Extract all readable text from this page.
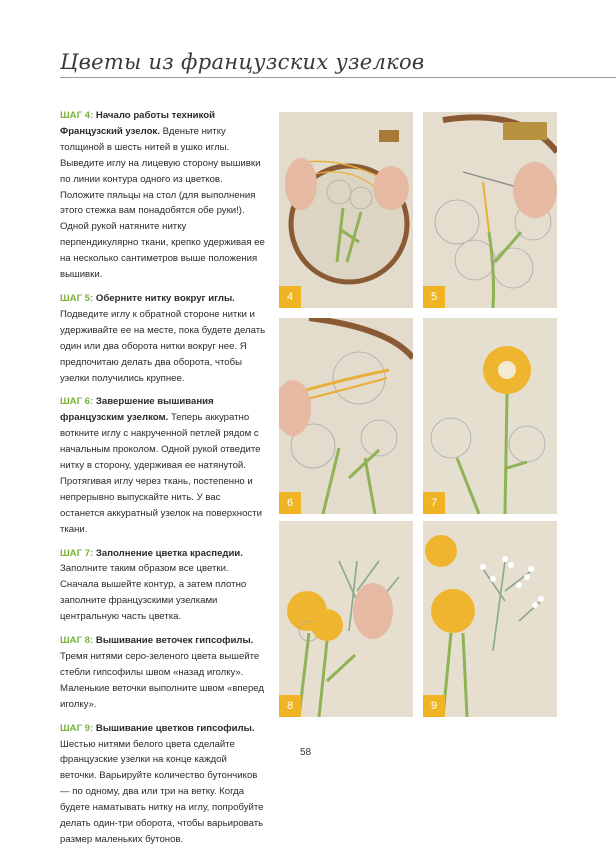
Цветы из французских узелков

ШАГ 4: Начало работы техникой Французский узелок. Вденьте нитку толщиной в шесть нитей в ушко иглы. Выведите иглу на лицевую сторону вышивки по линии контура одного из цветков. Положите пяльцы на стол (для выполнения этого стежка вам понадобятся обе руки!). Одной рукой натяните нитку перпендикулярно ткани, крепко удерживая ее на несколько сантиметров выше положения вышивки.

ШАГ 5: Оберните нитку вокруг иглы. Подведите иглу к обратной стороне нитки и удерживайте ее на месте, пока будете делать один или два оборота нитки вокруг нее. Я предпочитаю делать два оборота, чтобы узелки получились крупнее.

ШАГ 6: Завершение вышивания французским узелком. Теперь аккуратно воткните иглу с накрученной петлей рядом с начальным проколом. Одной рукой отведите нитку в сторону, удерживая ее натянутой. Протягивая иглу через ткань, постепенно и непрерывно выпускайте нить. У вас останется аккуратный узелок на поверхности ткани.

ШАГ 7: Заполнение цветка краспедии. Заполните таким образом все цветки. Сначала вышейте контур, а затем плотно заполните французскими узелками центральную часть цветка.

ШАГ 8: Вышивание веточек гипсофилы. Тремя нитями серо-зеленого цвета вышейте стебли гипсофилы швом «назад иголку». Маленькие веточки выполните швом «вперед иголку».

ШАГ 9: Вышивание цветков гипсофилы. Шестью нитями белого цвета сделайте французские узелки на конце каждой веточки. Варьируйте количество бутончиков — по одному, два или три на ветку. Когда будете наматывать нитку на иглу, попробуйте делать один-три оборота, чтобы варьировать размер маленьких бутонов.

4	5
6	7
8	9
58
